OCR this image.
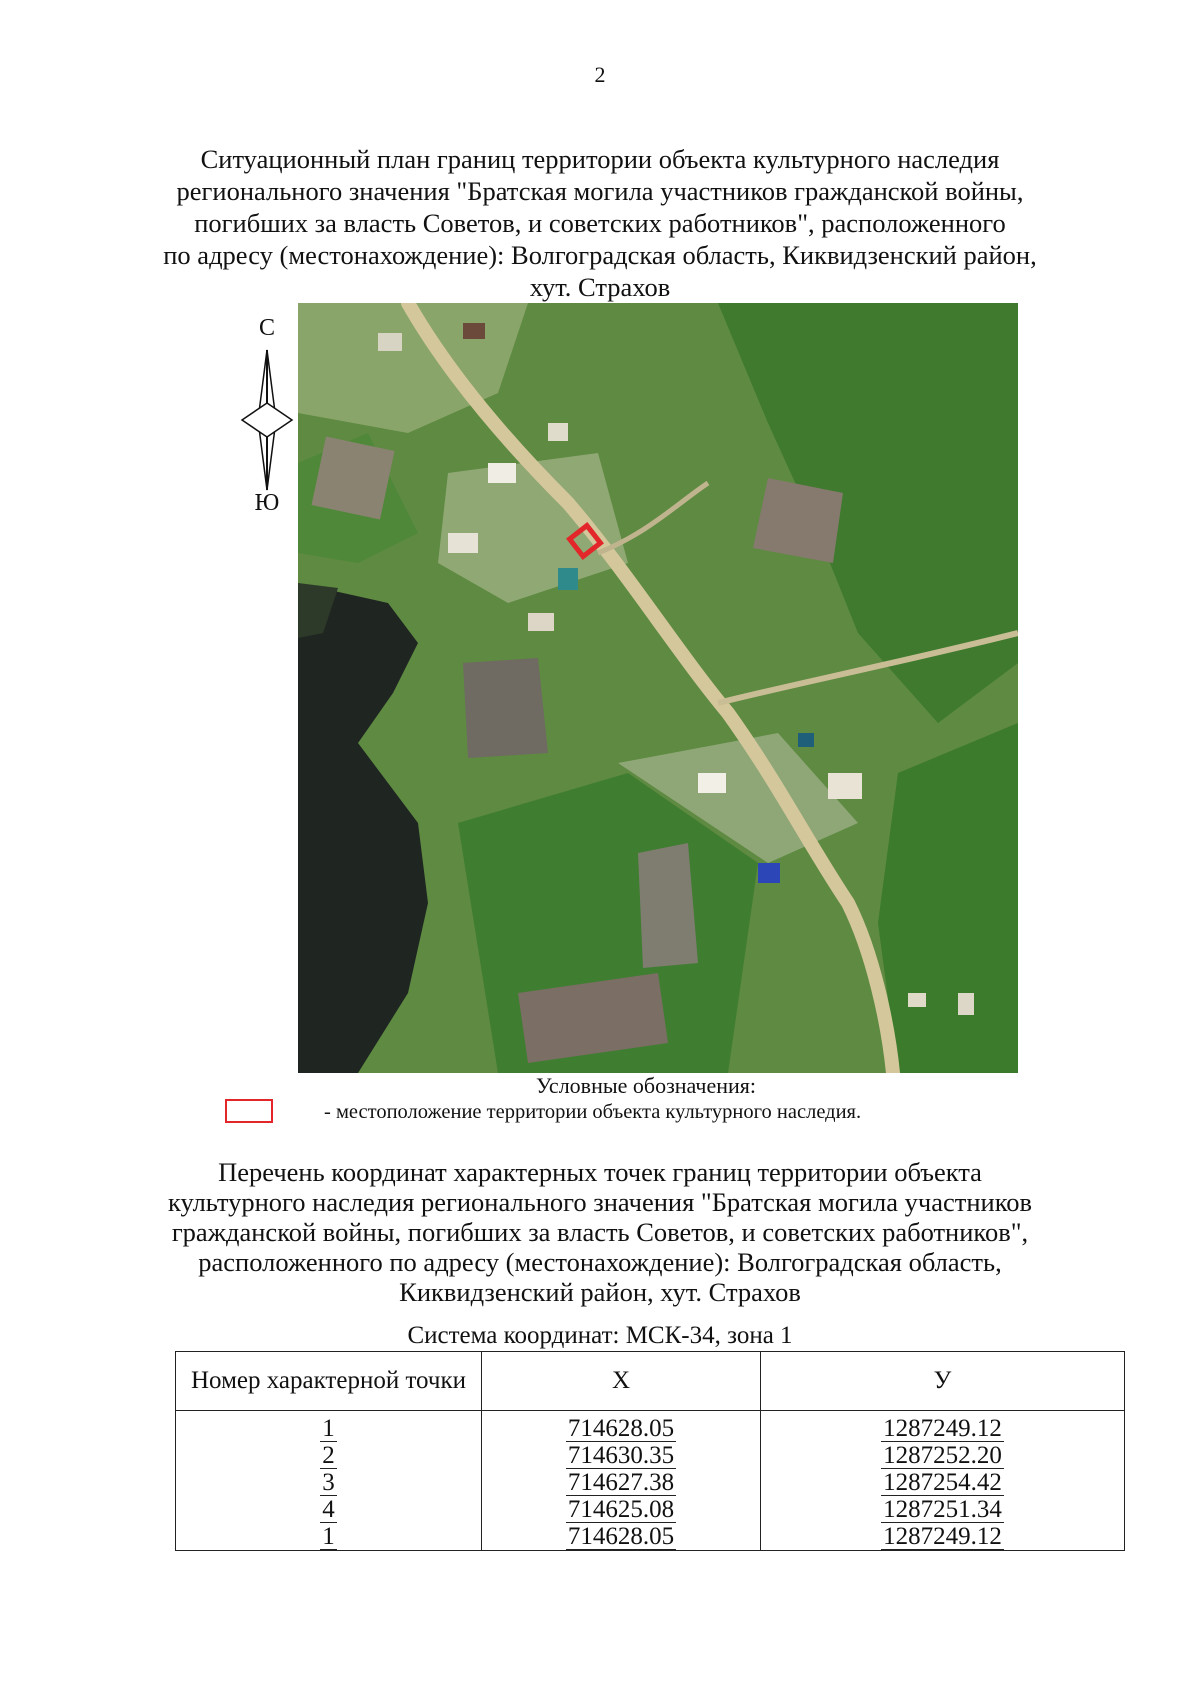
2
Ситуационный план границ территории объекта культурного наследия
регионального значения "Братская могила участников гражданской войны,
погибших за власть Советов, и советских работников", расположенного
по адресу (местонахождение): Волгоградская область, Киквидзенский район,
хут. Страхов
С
Ю
Условные обозначения:
- местоположение территории объекта культурного наследия.
Перечень координат характерных точек границ территории объекта
культурного наследия регионального значения "Братская могила участников
гражданской войны, погибших за власть Советов, и советских работников",
расположенного по адресу (местонахождение): Волгоградская область,
Киквидзенский район, хут. Страхов
Система координат: МСК-34, зона 1
Номер характерной точки	X	У
1	714628.05	1287249.12
2	714630.35	1287252.20
3	714627.38	1287254.42
4	714625.08	1287251.34
1	714628.05	1287249.12
